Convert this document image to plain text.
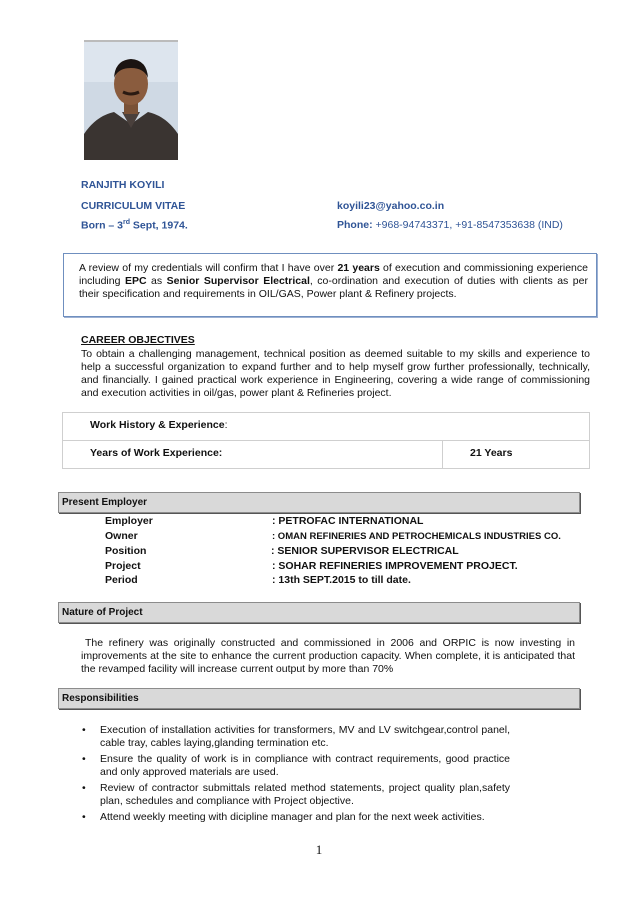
RANJITH KOYILI
CURRICULUM VITAE
Born – 3rd Sept, 1974.
koyili23@yahoo.co.in
Phone: +968-94743371, +91-8547353638 (IND)
A review of my credentials will confirm that I have over 21 years of execution and commissioning experience including EPC as Senior Supervisor Electrical, co-ordination and execution of duties with clients as per their specification and requirements in OIL/GAS, Power plant & Refinery projects.
CAREER OBJECTIVES
To obtain a challenging management, technical position as deemed suitable to my skills and experience to help a successful organization to expand further and to help myself grow further professionally, technically, and financially. I gained practical work experience in Engineering, covering a wide range of commissioning and execution activities in oil/gas, power plant & Refineries project.
Work History & Experience:
Years of Work Experience:	21 Years
Present Employer
Employer	: PETROFAC INTERNATIONAL
Owner	: OMAN REFINERIES AND PETROCHEMICALS INDUSTRIES CO.
Position	: SENIOR SUPERVISOR ELECTRICAL
Project	: SOHAR REFINERIES IMPROVEMENT PROJECT.
Period	: 13th SEPT.2015 to till date.
Nature of Project
The refinery was originally constructed and commissioned in 2006 and ORPIC is now investing in improvements at the site to enhance the current production capacity. When complete, it is anticipated that the revamped facility will increase current output by more than 70%
Responsibilities
• Execution of installation activities for transformers, MV and LV switchgear,control panel, cable tray, cables laying,glanding termination etc.
• Ensure the quality of work is in compliance with contract requirements, good practice and only approved materials are used.
• Review of contractor submittals related method statements, project quality plan,safety plan, schedules and compliance with Project objective.
• Attend weekly meeting with dicipline manager and plan for the next week activities.
1
